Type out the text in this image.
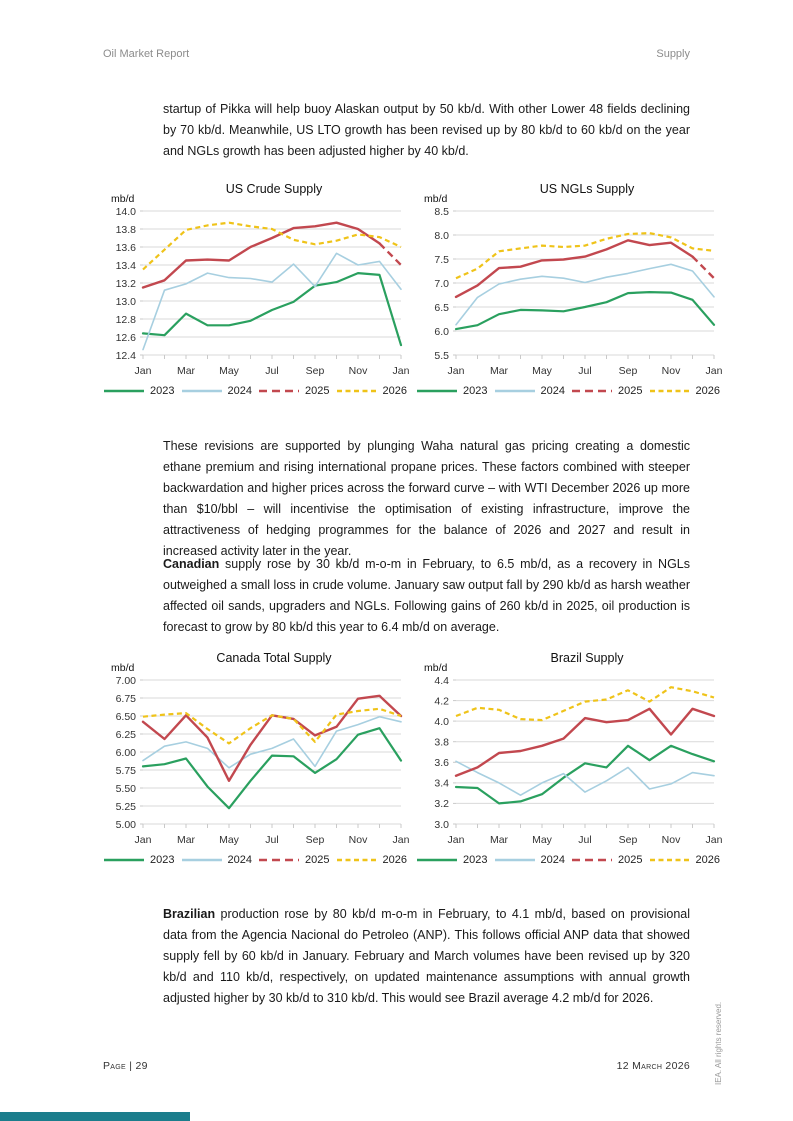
Oil Market Report	Supply

startup of Pikka will help buoy Alaskan output by 50 kb/d. With other Lower 48 fields declining by 70 kb/d. Meanwhile, US LTO growth has been revised up by 80 kb/d to 60 kb/d on the year and NGLs growth has been adjusted higher by 40 kb/d.

mb/d
US Crude Supply
12.4
12.6
12.8
13.0
13.2
13.4
13.6
13.8
14.0
Jan Mar May	Jul	Sep Nov Jan
2023	2024	2025	2026
mb/d
US NGLs Supply
5.5
6.0
6.5
7.0
7.5
8.0
8.5
Jan Mar May	Jul	Sep Nov Jan
2023	2024	2025	2026

These revisions are supported by plunging Waha natural gas pricing creating a domestic ethane premium and rising international propane prices. These factors combined with steeper backwardation and higher prices across the forward curve – with WTI December 2026 up more than $10/bbl – will incentivise the optimisation of existing infrastructure, improve the attractiveness of hedging programmes for the balance of 2026 and 2027 and result in increased activity later in the year.

Canadian supply rose by 30 kb/d m-o-m in February, to 6.5 mb/d, as a recovery in NGLs outweighed a small loss in crude volume. January saw output fall by 290 kb/d as harsh weather affected oil sands, upgraders and NGLs. Following gains of 260 kb/d in 2025, oil production is forecast to grow by 80 kb/d this year to 6.4 mb/d on average.

mb/d
Canada Total Supply
5.00
5.25
5.50
5.75
6.00
6.25
6.50
6.75
7.00
Jan Mar May	Jul	Sep Nov Jan
2023	2024	2025	2026
mb/d
Brazil Supply
3.0
3.2
3.4
3.6
3.8
4.0
4.2
4.4
Jan Mar May	Jul	Sep Nov Jan
2023	2024	2025	2026

Brazilian production rose by 80 kb/d m-o-m in February, to 4.1 mb/d, based on provisional data from the Agencia Nacional do Petroleo (ANP). This follows official ANP data that showed supply fell by 60 kb/d in January. February and March volumes have been revised up by 320 kb/d and 110 kb/d, respectively, on updated maintenance assumptions with annual growth adjusted higher by 30 kb/d to 310 kb/d. This would see Brazil average 4.2 mb/d for 2026.

Page | 29	12 March 2026	IEA. All rights reserved.
